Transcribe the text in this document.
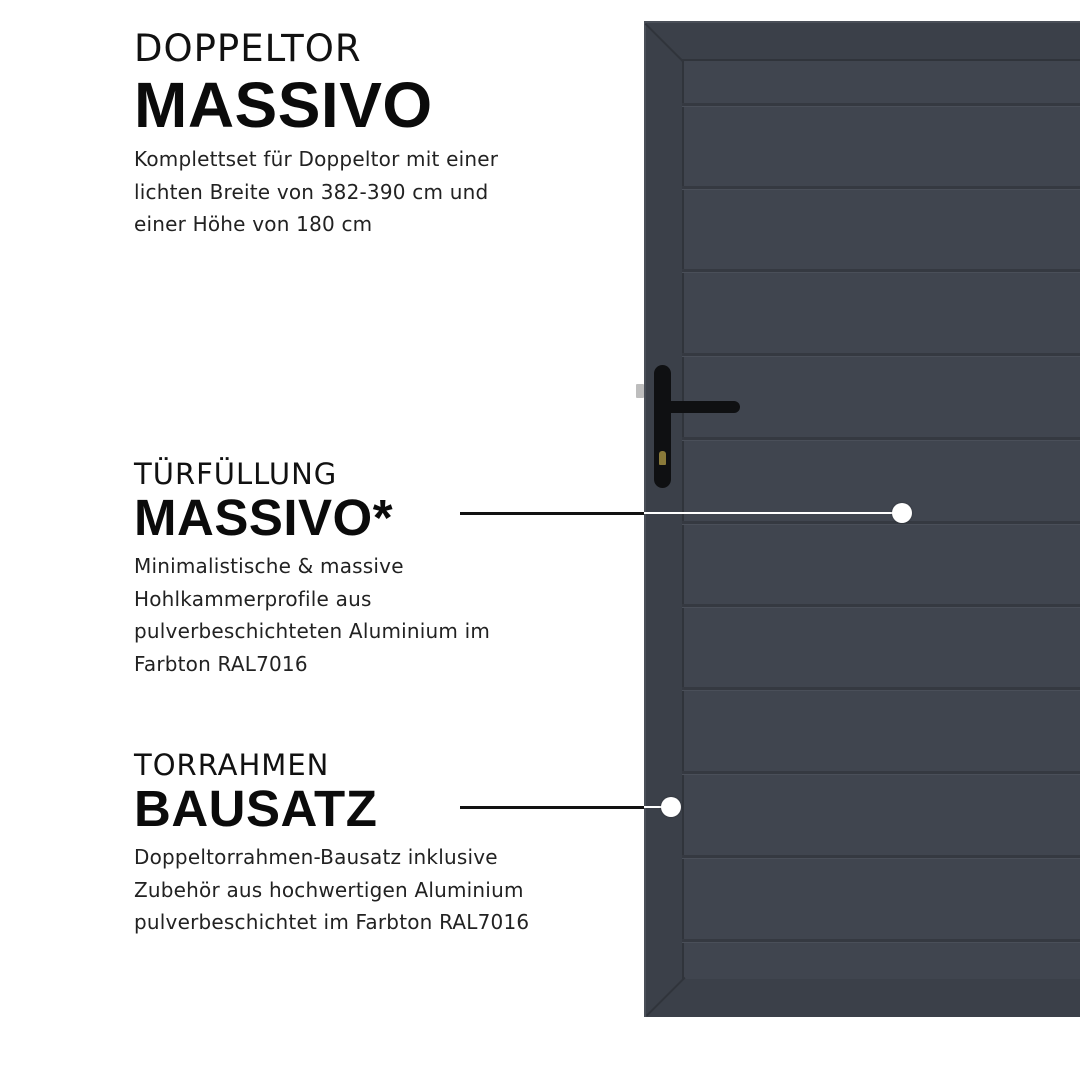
DOPPELTOR
MASSIVO
Komplettset für Doppeltor mit einer
lichten Breite von 382-390 cm und
einer Höhe von 180 cm
TÜRFÜLLUNG
MASSIVO*
Minimalistische & massive
Hohlkammerprofile aus
pulverbeschichteten Aluminium im
Farbton RAL7016
TORRAHMEN
BAUSATZ
Doppeltorrahmen-Bausatz inklusive
Zubehör aus hochwertigen Aluminium
pulverbeschichtet im Farbton RAL7016
